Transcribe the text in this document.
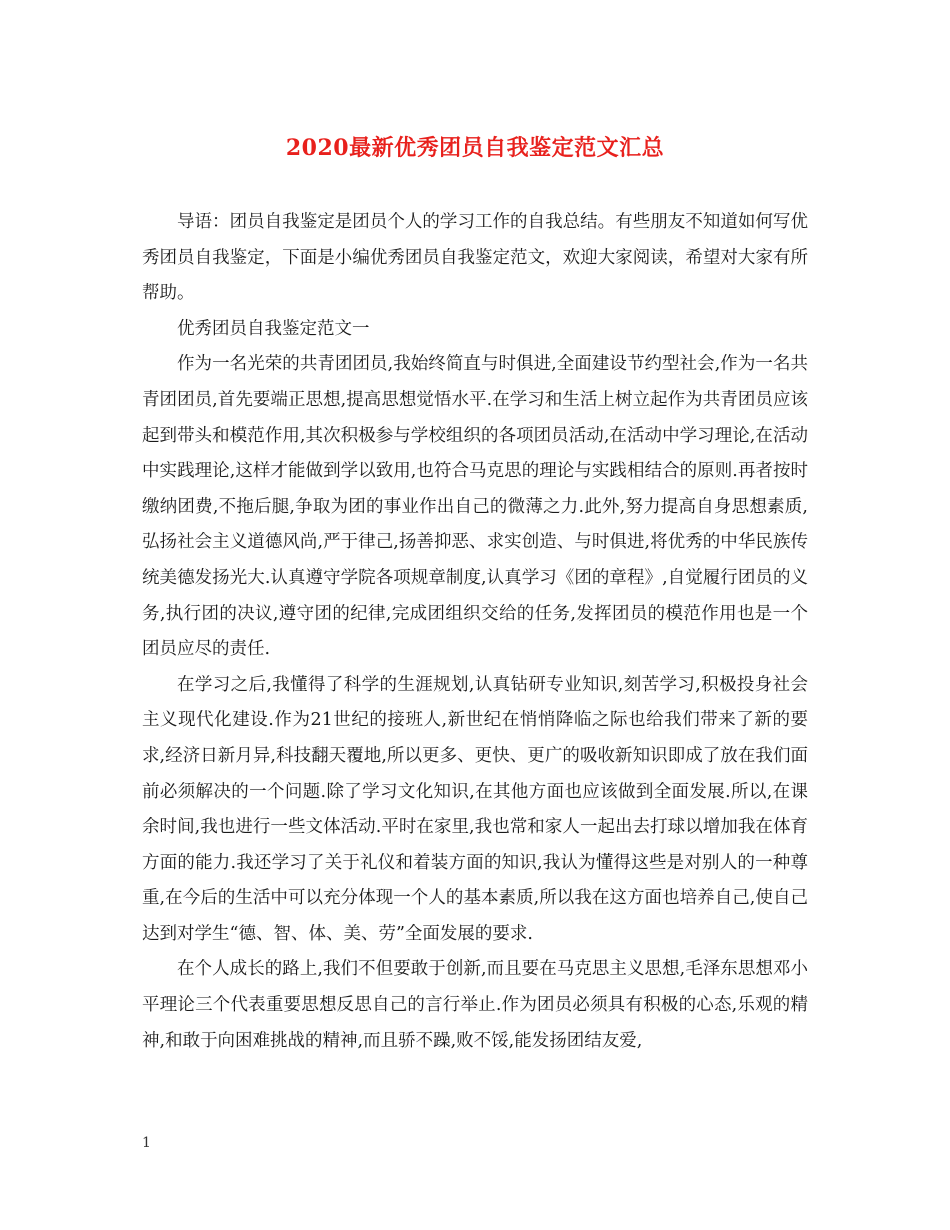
2020最新优秀团员自我鉴定范文汇总

导语：团员自我鉴定是团员个人的学习工作的自我总结。有些朋友不知道如何写优秀团员自我鉴定，下面是小编优秀团员自我鉴定范文，欢迎大家阅读，希望对大家有所帮助。

优秀团员自我鉴定范文一

作为一名光荣的共青团团员,我始终简直与时俱进,全面建设节约型社会,作为一名共青团团员,首先要端正思想,提高思想觉悟水平.在学习和生活上树立起作为共青团员应该起到带头和模范作用,其次积极参与学校组织的各项团员活动,在活动中学习理论,在活动中实践理论,这样才能做到学以致用,也符合马克思的理论与实践相结合的原则.再者按时缴纳团费,不拖后腿,争取为团的事业作出自己的微薄之力.此外,努力提高自身思想素质,弘扬社会主义道德风尚,严于律己,扬善抑恶、求实创造、与时俱进,将优秀的中华民族传统美德发扬光大.认真遵守学院各项规章制度,认真学习《团的章程》,自觉履行团员的义务,执行团的决议,遵守团的纪律,完成团组织交给的任务,发挥团员的模范作用也是一个团员应尽的责任.

在学习之后,我懂得了科学的生涯规划,认真钻研专业知识,刻苦学习,积极投身社会主义现代化建设.作为21世纪的接班人,新世纪在悄悄降临之际也给我们带来了新的要求,经济日新月异,科技翻天覆地,所以更多、更快、更广的吸收新知识即成了放在我们面前必须解决的一个问题.除了学习文化知识,在其他方面也应该做到全面发展.所以,在课余时间,我也进行一些文体活动.平时在家里,我也常和家人一起出去打球以增加我在体育方面的能力.我还学习了关于礼仪和着装方面的知识,我认为懂得这些是对别人的一种尊重,在今后的生活中可以充分体现一个人的基本素质,所以我在这方面也培养自己,使自己达到对学生“德、智、体、美、劳”全面发展的要求.

在个人成长的路上,我们不但要敢于创新,而且要在马克思主义思想,毛泽东思想邓小平理论三个代表重要思想反思自己的言行举止.作为团员必须具有积极的心态,乐观的精神,和敢于向困难挑战的精神,而且骄不躁,败不馁,能发扬团结友爱,

1
